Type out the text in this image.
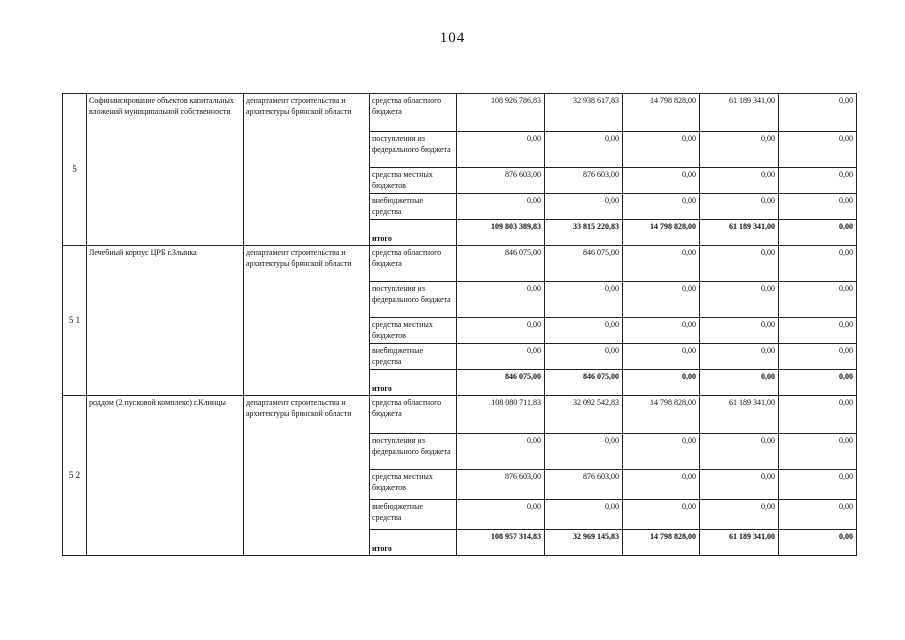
104
5	Софинансирование объектов капитальных вложений муниципальной собственности	департамент строительства и архитектуры брянской области	средства областного бюджета	108 926 786,83	32 938 617,83	14 798 828,00	61 189 341,00	0,00
			поступления из федерального бюджета	0,00	0,00	0,00	0,00	0,00
			средства местных бюджетов	876 603,00	876 603,00	0,00	0,00	0,00
			внебюджетные средства	0,00	0,00	0,00	0,00	0,00
			итого	109 803 389,83	33 815 220,83	14 798 828,00	61 189 341,00	0,00
5 1	Лечебный корпус ЦРБ г.Злынка	департамент строительства и архитектуры брянской области	средства областного бюджета	846 075,00	846 075,00	0,00	0,00	0,00
			поступления из федерального бюджета	0,00	0,00	0,00	0,00	0,00
			средства местных бюджетов	0,00	0,00	0,00	0,00	0,00
			внебюджетные средства	0,00	0,00	0,00	0,00	0,00
			итого	846 075,00	846 075,00	0,00	0,00	0,00
5 2	роддом (2 пусковой комплекс) г.Клинцы	департамент строительства и архитектуры брянской области	средства областного бюджета	108 080 711,83	32 092 542,83	14 798 828,00	61 189 341,00	0,00
			поступления из федерального бюджета	0,00	0,00	0,00	0,00	0,00
			средства местных бюджетов	876 603,00	876 603,00	0,00	0,00	0,00
			внебюджетные средства	0,00	0,00	0,00	0,00	0,00
			итого	108 957 314,83	32 969 145,83	14 798 828,00	61 189 341,00	0,00
